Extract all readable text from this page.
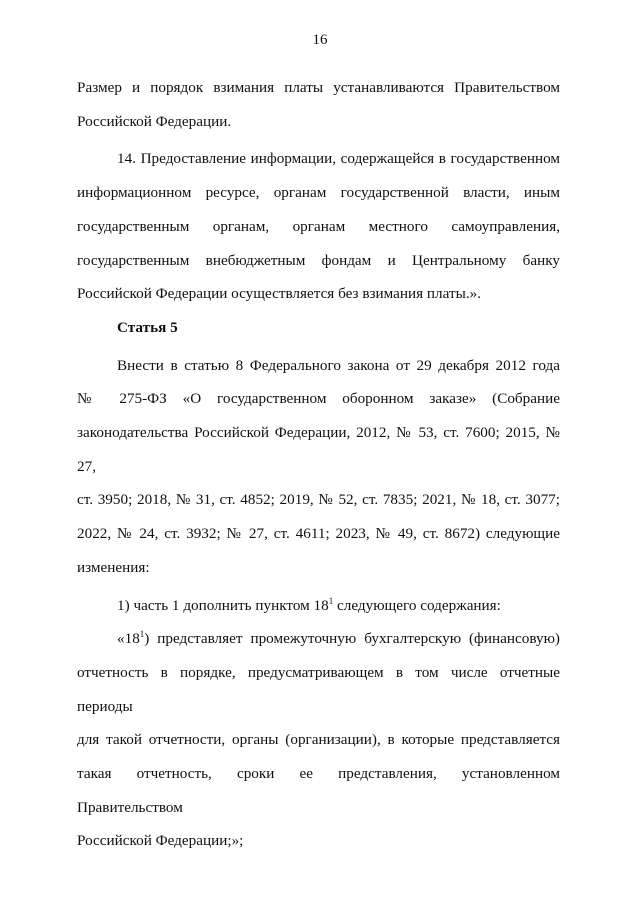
16
Размер и порядок взимания платы устанавливаются Правительством
Российской Федерации.
14. Предоставление информации, содержащейся в государственном
информационном ресурсе, органам государственной власти, иным
государственным органам, органам местного самоуправления,
государственным внебюджетным фондам и Центральному банку
Российской Федерации осуществляется без взимания платы.».
Статья 5
Внести в статью 8 Федерального закона от 29 декабря 2012 года
№ 275-ФЗ «О государственном оборонном заказе» (Собрание
законодательства Российской Федерации, 2012, № 53, ст. 7600; 2015, № 27,
ст. 3950; 2018, № 31, ст. 4852; 2019, № 52, ст. 7835; 2021, № 18, ст. 3077;
2022, № 24, ст. 3932; № 27, ст. 4611; 2023, № 49, ст. 8672) следующие
изменения:
1) часть 1 дополнить пунктом $18^1$ следующего содержания:
«$18^1$) представляет промежуточную бухгалтерскую (финансовую)
отчетность в порядке, предусматривающем в том числе отчетные периоды
для такой отчетности, органы (организации), в которые представляется
такая отчетность, сроки ее представления, установленном Правительством
Российской Федерации;»;
